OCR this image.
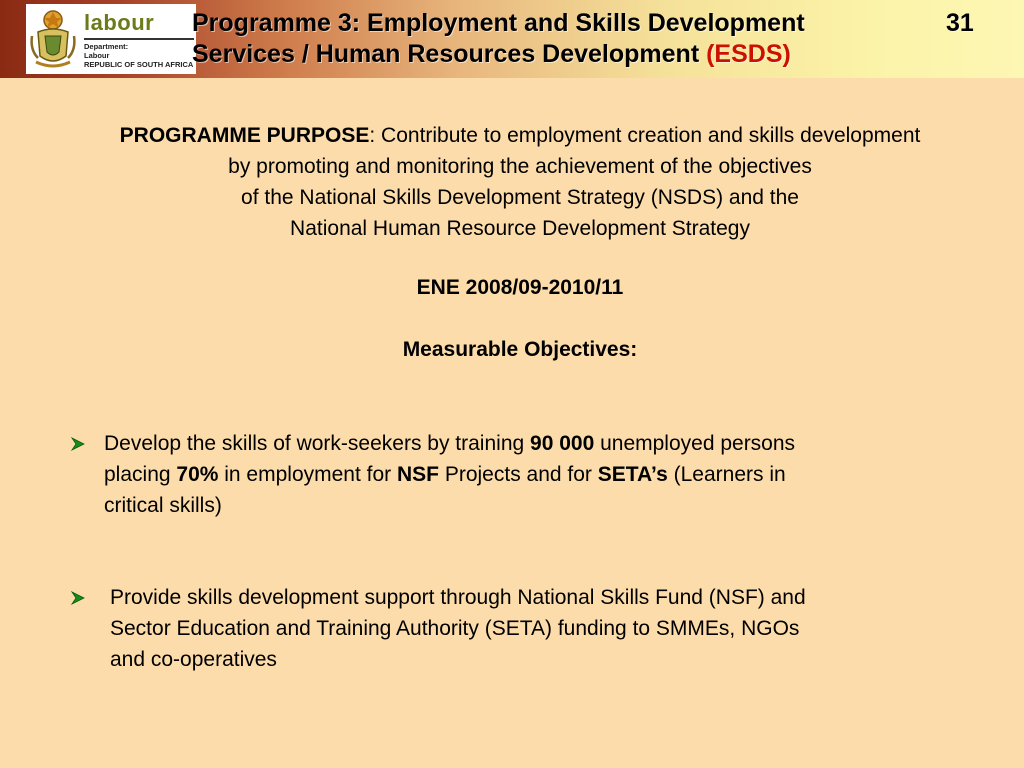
labour
Department:
Labour
REPUBLIC OF SOUTH AFRICA
Programme 3: Employment and Skills Development
Services / Human Resources Development (ESDS)
31
PROGRAMME PURPOSE: Contribute to employment creation and skills development
by promoting and monitoring the achievement of the objectives
of the National Skills Development Strategy (NSDS) and the
National Human Resource Development Strategy
ENE 2008/09-2010/11
Measurable Objectives:
Develop the skills of work-seekers by training 90 000 unemployed persons
placing 70% in employment for NSF Projects and for SETA’s (Learners in
critical skills)
Provide skills development support through National Skills Fund (NSF) and
Sector Education and Training Authority (SETA) funding to SMMEs, NGOs
and co-operatives
